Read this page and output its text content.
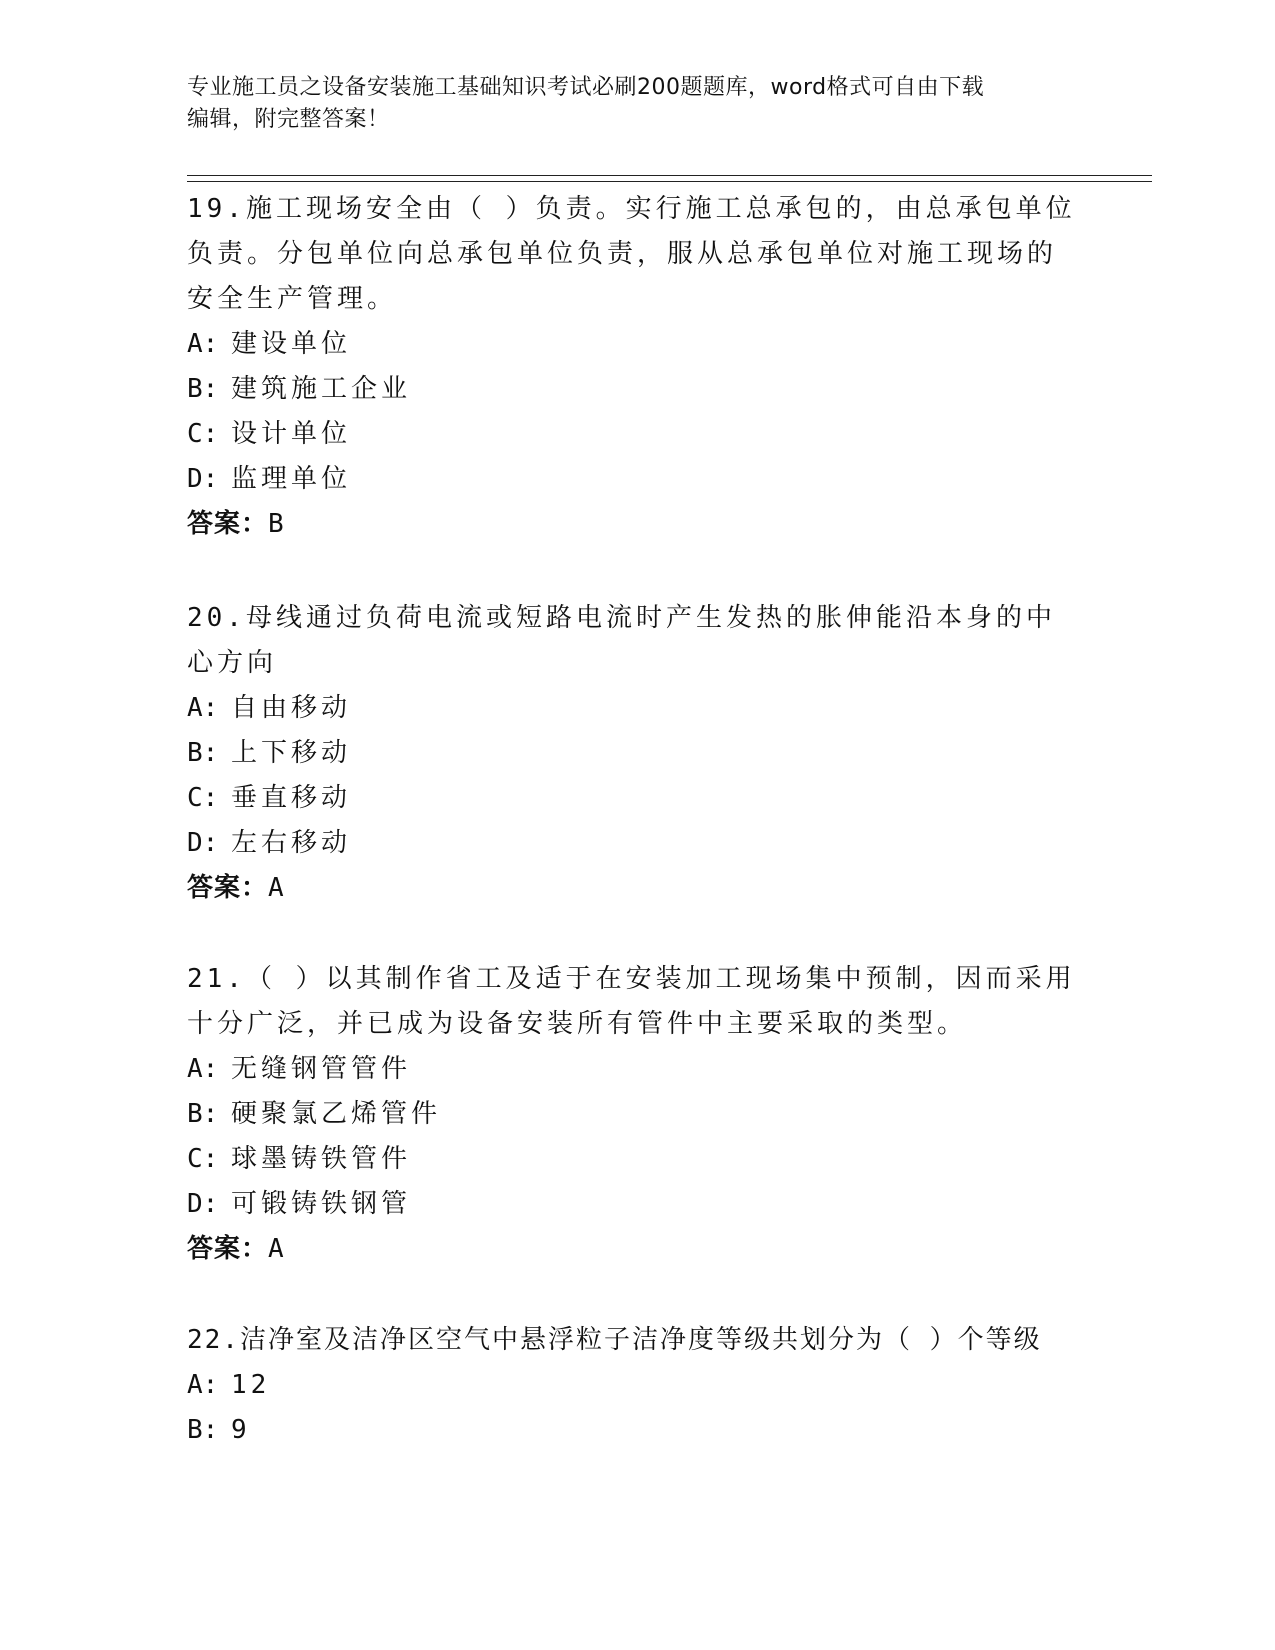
专业施工员之设备安装施工基础知识考试必刷200题题库，word格式可自由下载
编辑，附完整答案！

19.施工现场安全由（ ）负责。实行施工总承包的，由总承包单位负责。分包单位向总承包单位负责，服从总承包单位对施工现场的安全生产管理。

A: 建设单位

B: 建筑施工企业

C: 设计单位

D: 监理单位

答案：B

20.母线通过负荷电流或短路电流时产生发热的胀伸能沿本身的中心方向

A: 自由移动

B: 上下移动

C: 垂直移动

D: 左右移动

答案：A

21.（ ）以其制作省工及适于在安装加工现场集中预制，因而采用十分广泛，并已成为设备安装所有管件中主要采取的类型。

A: 无缝钢管管件

B: 硬聚氯乙烯管件

C: 球墨铸铁管件

D: 可锻铸铁钢管

答案：A

22.洁净室及洁净区空气中悬浮粒子洁净度等级共划分为（ ）个等级

A: 12

B: 9
